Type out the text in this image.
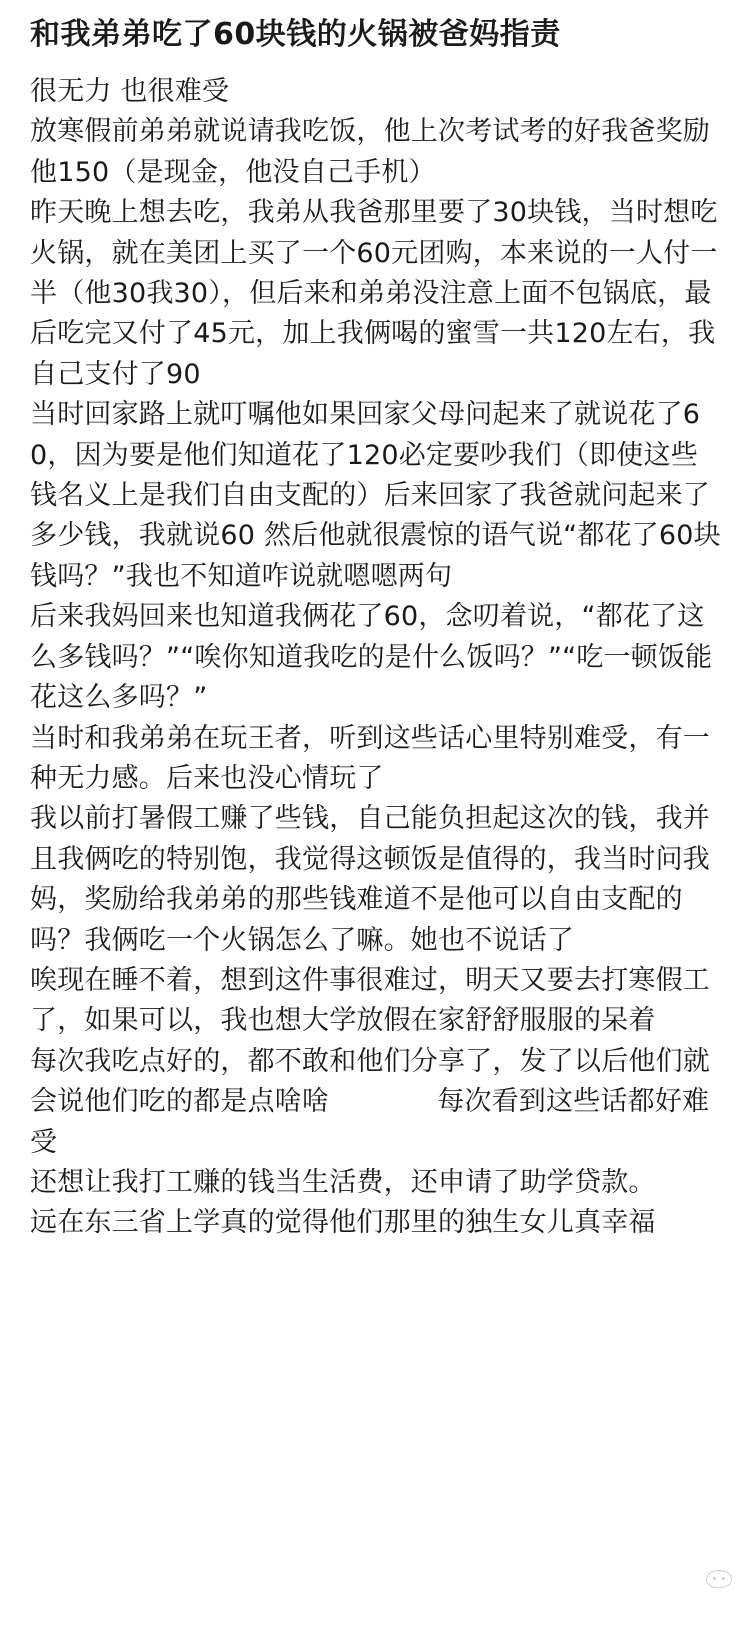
和我弟弟吃了60块钱的火锅被爸妈指责

很无力 也很难受

放寒假前弟弟就说请我吃饭，他上次考试考的好我爸奖励他150（是现金，他没自己手机）

昨天晚上想去吃，我弟从我爸那里要了30块钱，当时想吃火锅，就在美团上买了一个60元团购，本来说的一人付一半（他30我30），但后来和弟弟没注意上面不包锅底，最后吃完又付了45元，加上我俩喝的蜜雪一共120左右，我自己支付了90

当时回家路上就叮嘱他如果回家父母问起来了就说花了60，因为要是他们知道花了120必定要吵我们（即使这些钱名义上是我们自由支配的）后来回家了我爸就问起来了多少钱，我就说60 然后他就很震惊的语气说“都花了60块钱吗？”我也不知道咋说就嗯嗯两句

后来我妈回来也知道我俩花了60，念叨着说，“都花了这么多钱吗？”“唉你知道我吃的是什么饭吗？”“吃一顿饭能花这么多吗？”

当时和我弟弟在玩王者，听到这些话心里特别难受，有一种无力感。后来也没心情玩了

我以前打暑假工赚了些钱，自己能负担起这次的钱，我并且我俩吃的特别饱，我觉得这顿饭是值得的，我当时问我妈，奖励给我弟弟的那些钱难道不是他可以自由支配的吗？我俩吃一个火锅怎么了嘛。她也不说话了

唉现在睡不着，想到这件事很难过，明天又要去打寒假工了，如果可以，我也想大学放假在家舒舒服服的呆着

每次我吃点好的，都不敢和他们分享了，发了以后他们就会说他们吃的都是点啥啥	每次看到这些话都好难受

还想让我打工赚的钱当生活费，还申请了助学贷款。

远在东三省上学真的觉得他们那里的独生女儿真幸福
